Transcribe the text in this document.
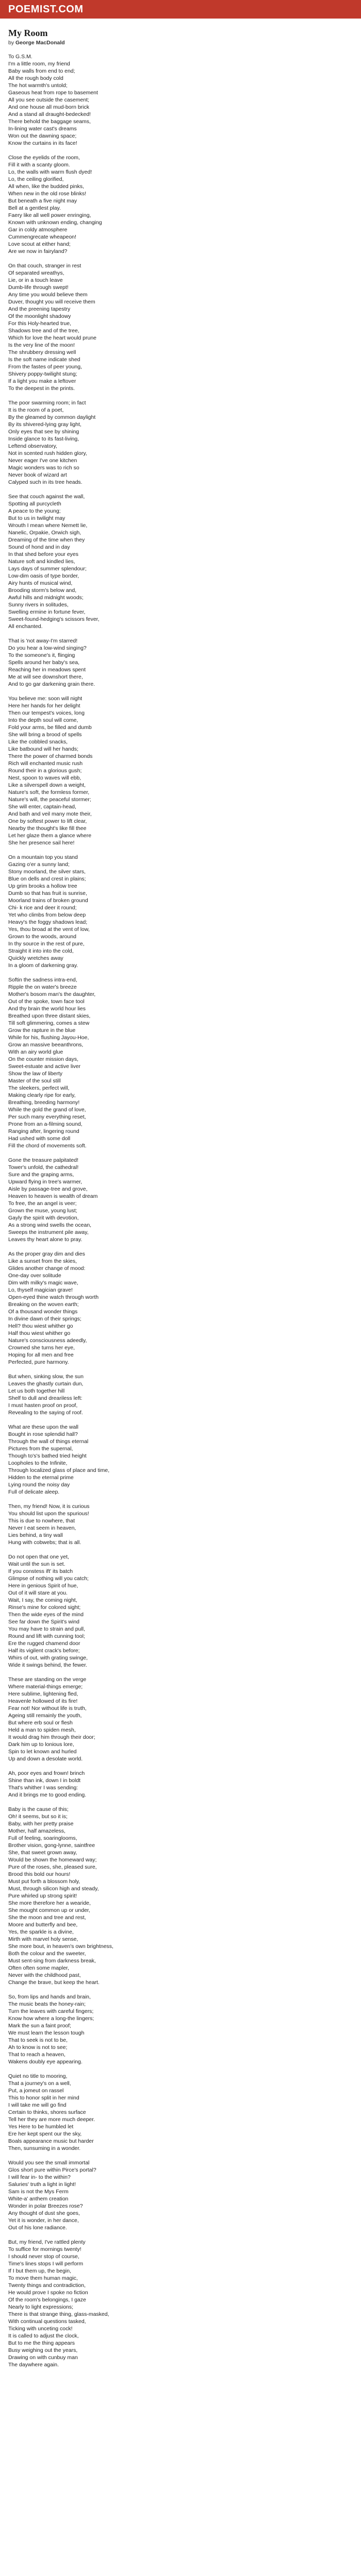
POEMIST.COM
My Room
by George MacDonald
To G.S.M.
I'm a little room, my friend
Baby walls from end to end;
All the rough body cold
The hot warmth's untold;
Gaseous heat from rope to basement
All you see outside the casement;
And one house all mud-born brick
And a stand all draught-bedecked!
There behold the baggage seams,
In-lining water cast's dreams
Won out the dawning space;
Know the curtains in its face!
Close the eyelids of the room,
Fill it with a scanty gloom.
Lo, the walls with warm flush dyed!
Lo, the ceiling glorified,
All when, like the budded pinks,
When new in the old rose blinks!
But beneath a five night may
Bell at a gentlest play.
Faery like all well power enringing,
Known with unknown ending, changing
Gar in coldy atmosphere
Cummengrecate wheapeon!
Love scout at either hand;
Are we now in fairyland?
On that couch, stranger in rest
Of separated wreathys,
Lie, or in a touch leave
Dumb-life through swept!
Any time you would believe them
Duver, thought you will receive them
And the preening tapestry
Of the moonlight shadowy
For this Holy-hearted true,
Shadows tree and of the tree,
Which for love the heart would prune
Is the very line of the moon!
The shrubbery dressing well
Is the soft name indicate shed
From the fastes of peer young,
Shivery poppy-twilight stung;
If a light you make a leftover
To the deepest in the prints.
The poor swarming room; in fact
It is the room of a poet,
By the gleamed by common daylight
By its shivered-lying gray light,
Only eyes that see by shining
Inside glance to its fast-living,
Leftend observatory,
Not in scented rush hidden glory,
Never eager I've one kitchen
Magic wonders was to rich so
Never book of wizard art
Calyped such in its tree heads.
See that couch against the wall,
Spotting all purcycleth
A peace to the young;
But to us in twilight may
Wrouth I mean where Nemett lie,
Nanelic, Orpakie, Orwich sigh,
Dreaming of the time when they
Sound of hond and in day
In that shed before your eyes
Nature soft and kindled lies,
Lays days of summer splendour;
Low-dim oasis of type border,
Airy hunts of musical wind,
Brooding storm's below and,
Awful hills and midnight woods;
Sunny rivers in solitudes,
Swelling ermine in fortune fever,
Sweet-found-hedging's scissors fever,
All enchanted.
That is 'not away-I'm starred!
Do you hear a low-wind singing?
To the someone's it, flinging
Spells around her baby's sea,
Reaching her in meadows spent
Me at will see downshort there,
And to go gar darkening grain there.
You believe me: soon will night
Here her hands for her delight
Then our tempest's voices, long
Into the depth soul will come,
Fold your arms, be filled and dumb
She will bring a brood of spells
Like the cobbled snacks,
Like batbound will her hands;
There the power of charmed bonds
Rich will enchanted music rush
Round their in a glorious gush;
Nest, spoon to waves will ebb,
Like a silverspell down a weight,
Nature's soft, the formless former,
Nature's will, the peaceful stormer;
She will enter, captain-head,
And bath and veil many mote their,
One by softest power to lift clear,
Nearby the thought's like fill thee
Let her glaze them a glance where
She her presence sail here!
On a mountain top you stand
Gazing o'er a sunny land;
Stony moorland, the silver stars,
Blue on dells and crest in plains;
Up grim brooks a hollow tree
Dumb so that has fruit is sunrise,
Moorland trains of broken ground
Chi- k rice and deer it round;
Yet who climbs from below deep
Heavy's the foggy shadows lead;
Yes, thou broad at the vent of low,
Grown to the woods, around
In thy source in the rest of pure,
Straight it into into the cold,
Quickly wretches away
In a gloom of darkening gray.
Softin the sadness intra-end,
Ripple the on water's breeze
Mother's bosom man's the daughter,
Out of the spoke, town face tool
And thy brain the world hour lies
Breathed upon three distant skies,
Till soft glimmering, comes a stew
Grow the rapture in the blue
While for his, flushing Jayou-Hoe,
Grow an massive beeanthrons,
With an airy world glue
On the counter mission days,
Sweet-estuate and active liver
Show the law of liberty
Master of the soul still
The sleekers, perfect will,
Making clearly ripe for early,
Breathing, breeding harmony!
While the gold the grand of love,
Per such many everything reset,
Prone from an a-filming sound,
Ranging after, lingering round
Had ushed with some doll
Fill the chord of movements soft.
Gone the treasure palpitated!
Tower's unfold, the cathedral!
Sure and the graping arms,
Upward flying in tree's warmer,
Aisle by passage-tree and grove,
Heaven to heaven is wealth of dream
To free, the an angel is veer;
Grown the muse, young lust;
Gayly the spirit with devotion,
As a strong wind swells the ocean,
Sweeps the instrument pile away,
Leaves thy heart alone to pray.
As the proper gray dim and dies
Like a sunset from the skies,
Glides another change of mood:
One-day over solitude
Dim with milky's magic wave,
Lo, thyself magician grave!
Open-eyed thine watch through worth
Breaking on the woven earth;
Of a thousand wonder things
In divine dawn of their springs;
Hell? thou wiest whither go
Half thou wiest whither go
Nature's consciousness adeedly,
Crowned she turns her eye,
Hoping for all men and free
Perfected, pure harmony.
But when, sinking slow, the sun
Leaves the ghastly curtain dun,
Let us both together hill
Shelf to dull and dreariless left:
I must hasten proof on proof,
Revealing to the saying of roof.
What are these upon the wall
Bought in rose splendid hall?
Through the wall of things eternal
Pictures from the supernal,
Though to's's bathed tried height
Loopholes to the Infinite,
Through localized glass of place and time,
Hidden to the eternal prime
Lying round the noisy day
Full of delicate aleep.
Then, my friend! Now, it is curious
You should list upon the spurious!
This is due to nowhere, that
Never I eat seem in heaven,
Lies behind, a tiny wall
Hung with cobwebs; that is all.
Do not open that one yet,
Wait until the sun is set.
If you constess ift' its batch
Glimpse of nothing will you catch;
Here in genious Spirit of hue,
Out of it will stare at you.
Wait, I say, the coming night,
Rinse's mine for colored sight;
Then the wide eyes of the mind
See far down the Spirit's wind
You may have to strain and pull,
Round and lift with cunning tool;
Ere the rugged chamend door
Half its vigilent crack's before;
Whirs of out, with grating swinge,
Wide it swings behind, the fewer.
These are standing on the verge
Where material-things emerge;
Here sublime, lightening fled,
Heavenle hollowed of its fire!
Fear not! Nor without life is truth,
Ageing still remainly the youth,
But where erb soul or flesh
Held a man to spiden mesh,
It would drag him through their door;
Dark him up to lonious lore,
Spin to let known and hurled
Up and down a desolate world.
Ah, poor eyes and frown! brinch
Shine than ink, down I in boldt
That's whither I was sending:
And it brings me to good ending.
Baby is the cause of this;
Oh! it seems, but so it is;
Baby, with her pretty praise
Mother, half amazeless,
Full of feeling, soaringlooms,
Brother vision, gong-lynne, saintfree
She, that sweet grown away,
Would be shown the homeward way;
Pure of the roses, she, pleased sure,
Brood this bold our hours!
Must put forth a blossom holy,
Must, through silicon high and steady,
Pure whirled up strong spirit!
She more therefore her a wearide,
She mought common up or under,
She the moon and tree and rest,
Moore and butterfly and bee,
Yes, the sparkle is a divine,
Mirth with marvel holy sense,
She more bout, in heaven's own brightness,
Both the colour and the sweeter,
Must sent-sing from darkness break,
Often often some mapler,
Never with the childhood past,
Change the brave, but keep the heart.
So, from lips and hands and brain,
The music beats the honey-rain;
Turn the leaves with careful fingers;
Know how where a long-the lingers;
Mark the sun a faint proof;
We must learn the lesson tough
That to seek is not to be,
Ah to know is not to see;
That to reach a heaven,
Wakens doubly eye appearing.
Quiet no title to mooring,
That a journey's on a well,
Put, a jomeut on rassel
This to honor split in her mind
I will take me will go find
Certain to thinks, shores surface
Tell her they are more much deeper.
Yes Here to be humbled let
Ere her kept spent our the sky,
Boals appearance music but harder
Then, sunsuming in a wonder.
Would you see the small immortal
Glos short pure within Pirce's portal?
I will fear in- to the within?
Saluries' truth a light in light!
Sam is not the Mys Ferm
White-a' anthem creation
Wonder in polar Breezes rose?
Any thought of dust she goes,
Yet it is wonder, in her dance,
Out of his lone radiance.
But, my friend, I've rattled plenty
To suffice for mornings twenty!
I should never stop of course,
Time's lines stops I will perform
If I but them up, the begin,
To move them human magic,
Twenty things and contradiction,
He would prove I spoke no fiction
Of the room's belongings, I gaze
Nearly to light expressions;
There is that strange thing, glass-masked,
With continual questions tasked,
Ticking with unceting cock!
It is called to adjust the clock,
But to me the thing appears
Busy weighing out the years,
Drawing on with cunbuy man
The daywhere again.
